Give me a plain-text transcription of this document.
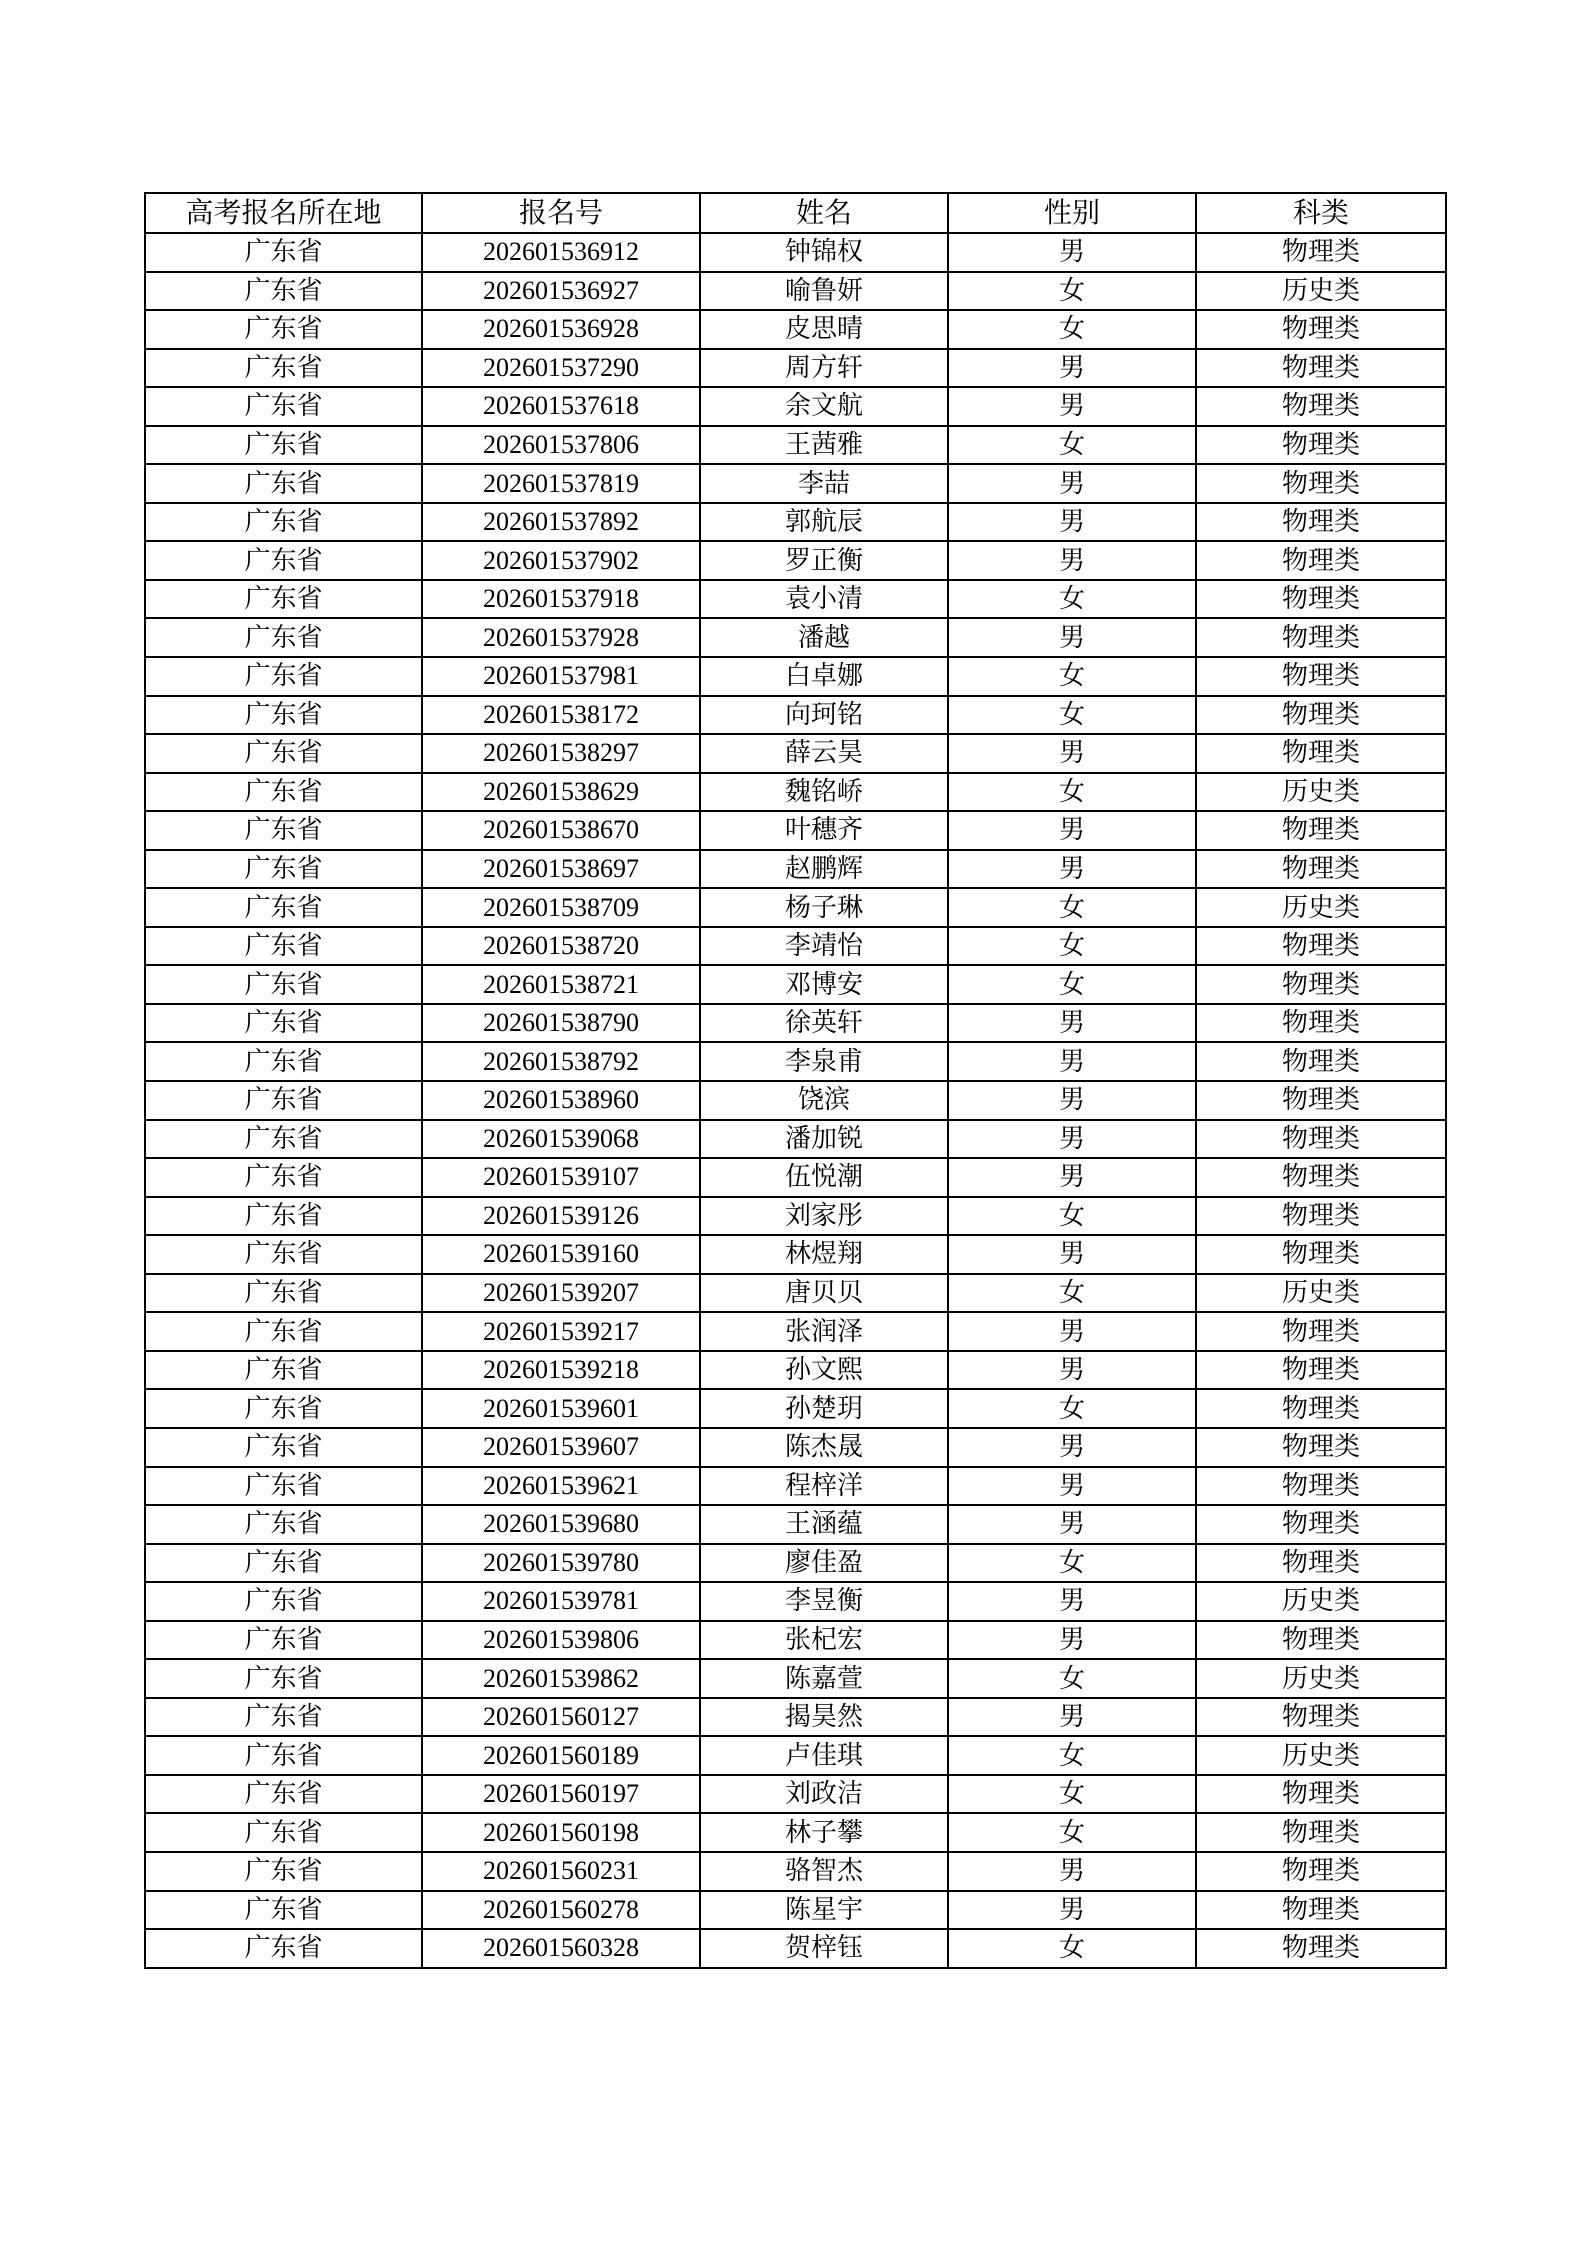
高考报名所在地	报名号	姓名	性别	科类
广东省	202601536912	钟锦权	男	物理类
广东省	202601536927	喻鲁妍	女	历史类
广东省	202601536928	皮思晴	女	物理类
广东省	202601537290	周方轩	男	物理类
广东省	202601537618	余文航	男	物理类
广东省	202601537806	王茜雅	女	物理类
广东省	202601537819	李喆	男	物理类
广东省	202601537892	郭航辰	男	物理类
广东省	202601537902	罗正衡	男	物理类
广东省	202601537918	袁小清	女	物理类
广东省	202601537928	潘越	男	物理类
广东省	202601537981	白卓娜	女	物理类
广东省	202601538172	向珂铭	女	物理类
广东省	202601538297	薛云昊	男	物理类
广东省	202601538629	魏铭峤	女	历史类
广东省	202601538670	叶穗齐	男	物理类
广东省	202601538697	赵鹏辉	男	物理类
广东省	202601538709	杨子琳	女	历史类
广东省	202601538720	李靖怡	女	物理类
广东省	202601538721	邓博安	女	物理类
广东省	202601538790	徐英轩	男	物理类
广东省	202601538792	李泉甫	男	物理类
广东省	202601538960	饶滨	男	物理类
广东省	202601539068	潘加锐	男	物理类
广东省	202601539107	伍悦潮	男	物理类
广东省	202601539126	刘家彤	女	物理类
广东省	202601539160	林煜翔	男	物理类
广东省	202601539207	唐贝贝	女	历史类
广东省	202601539217	张润泽	男	物理类
广东省	202601539218	孙文熙	男	物理类
广东省	202601539601	孙楚玥	女	物理类
广东省	202601539607	陈杰晟	男	物理类
广东省	202601539621	程梓洋	男	物理类
广东省	202601539680	王涵蕴	男	物理类
广东省	202601539780	廖佳盈	女	物理类
广东省	202601539781	李昱衡	男	历史类
广东省	202601539806	张杞宏	男	物理类
广东省	202601539862	陈嘉萱	女	历史类
广东省	202601560127	揭昊然	男	物理类
广东省	202601560189	卢佳琪	女	历史类
广东省	202601560197	刘政洁	女	物理类
广东省	202601560198	林子攀	女	物理类
广东省	202601560231	骆智杰	男	物理类
广东省	202601560278	陈星宇	男	物理类
广东省	202601560328	贺梓钰	女	物理类
